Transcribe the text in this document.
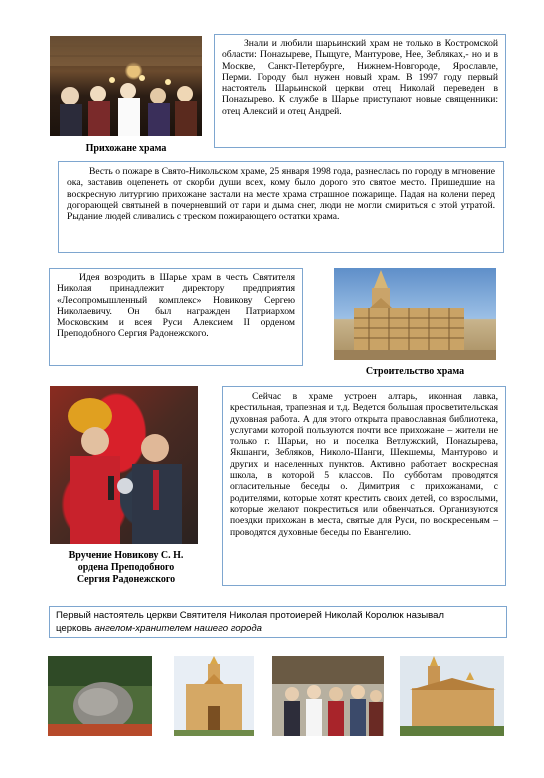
Знали и любили шарьинский храм не только в Костромской области: Понazыреве, Пыщуге, Мантурове, Нее, Зебляках,- но и в Москве, Санкт-Петербурге, Нижнем-Новгороде, Ярославле, Перми. Городу был нужен новый храм. В 1997 году первый настоятель Шарьинской церкви отец Николай переведен в Понazырево. К службе в Шарье приступают новые священники: отец Алексий и отец Андрей.

Прихожане храма

Весть о пожаре в Свято-Никольском храме, 25 января 1998 года, разнеслась по городу в мгновение ока, заставив оцепенеть от скорби души всех, кому было дорого это святое место. Пришедшие на воскресную литургию прихожане застали на месте храма страшное пожарище. Падая на колени перед догорающей святыней в почерневший от гари и дыма снег, люди не могли смириться с этой утратой. Рыдание людей сливались с треском пожирающего остатки храма.

Идея возродить в Шарье храм в честь Святителя Николая принадлежит директору предприятия «Лесопромышленный комплекс» Новикову Сергею Николаевичу. Он был награжден Патриархом Московским и всея Руси Алексием II орденом Преподобного Сергия Радонежского.

Строительство храма

Сейчас в храме устроен алтарь, иконная лавка, крестильная, трапезная и т.д. Ведется большая просветительская духовная работа. А для этого открыта православная библиотека, услугами которой пользуются почти все прихожане – жители не только г. Шарьи, но и поселка Ветлужский, Понazырева, Якшанги, Зебляков, Николо-Шанги, Шекшемы, Мантурово и других и населенных пунктов. Активно работает воскресная школа, в которой 5 классов. По субботам проводятся огласительные беседы о. Димитрия с прихожанами, с родителями, которые хотят крестить своих детей, со взрослыми, которые желают покреститься или обвенчаться. Организуются поездки прихожан в места, святые для Руси, по воскресеньям – проводятся духовные беседы по Евангелию.

Вручение Новикову С. Н.
ордена Преподобного
Сергия Радонежского
Первый настоятель церкви Святителя Николая протоиерей Николай Королюк называл
церковь ангелом-хранителем нашего города
